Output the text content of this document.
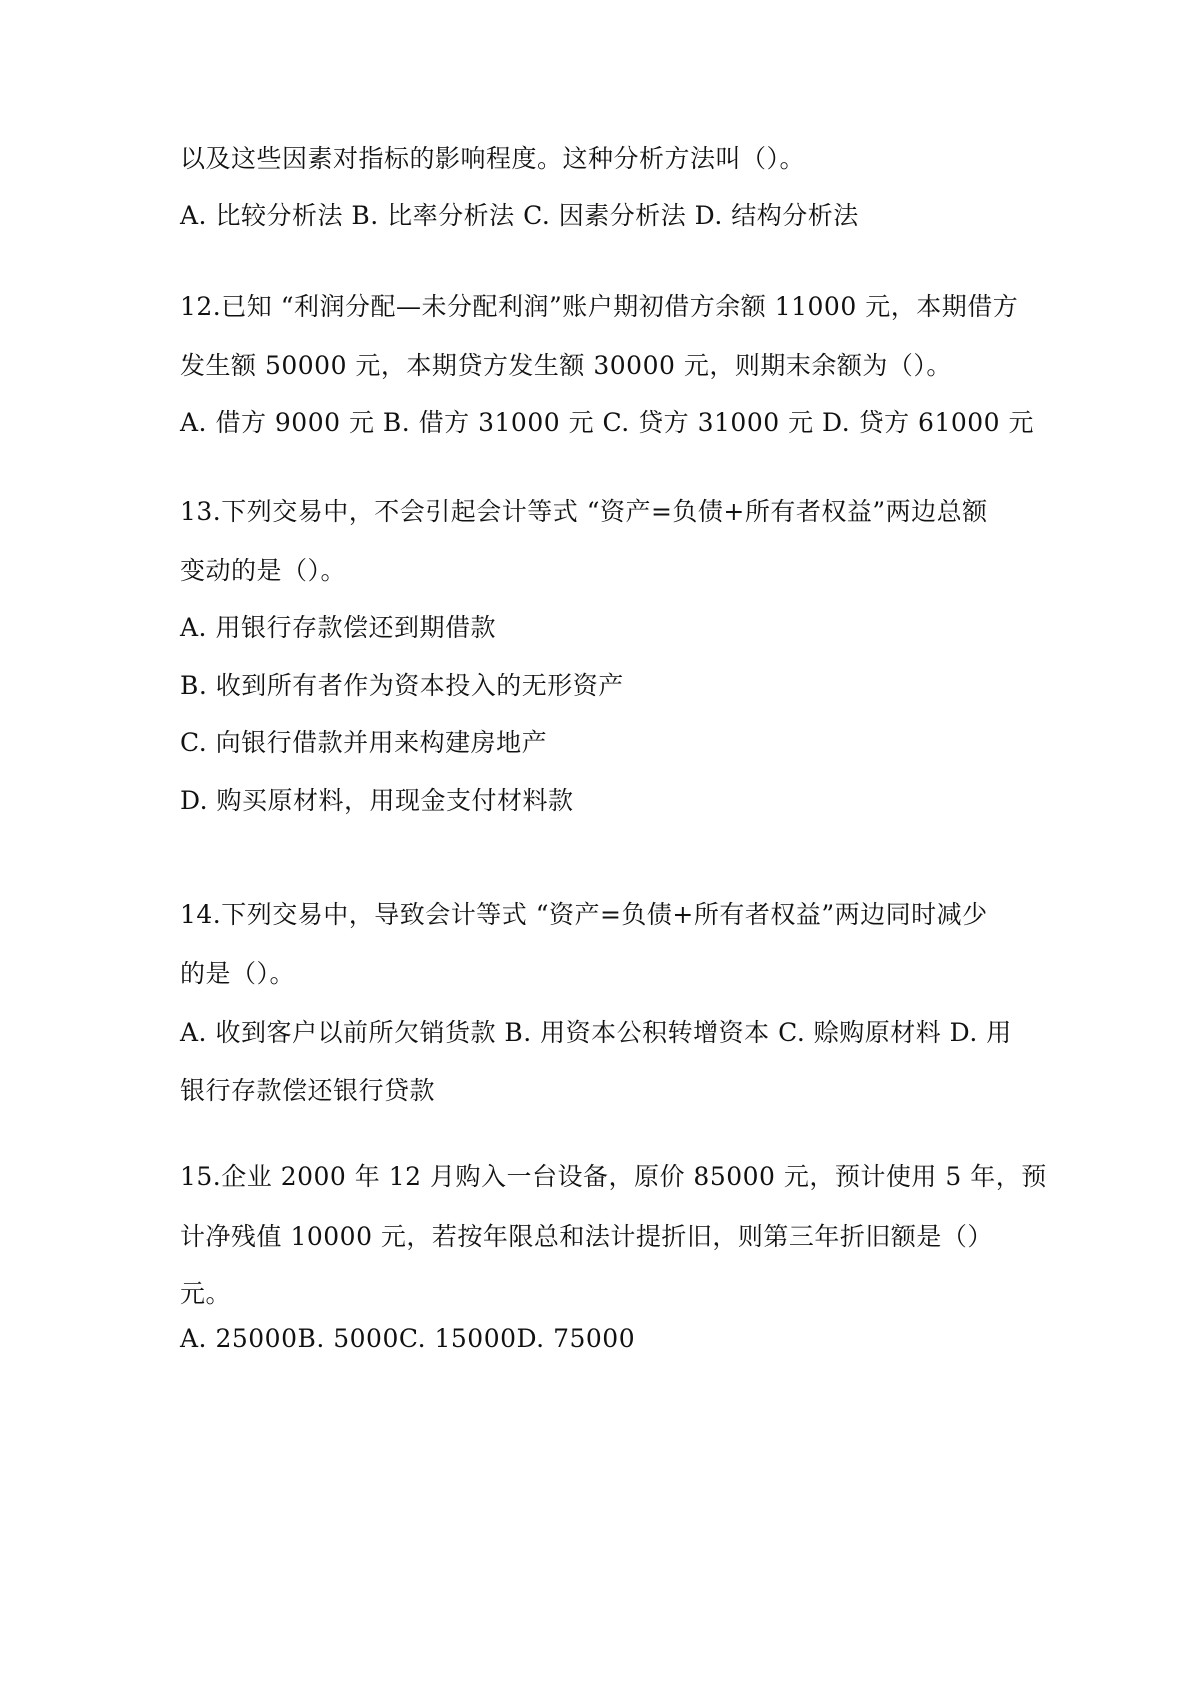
以及这些因素对指标的影响程度。这种分析方法叫（）。

A. 比较分析法 B. 比率分析法 C. 因素分析法 D. 结构分析法

12.已知 “利润分配—未分配利润”账户期初借方余额 11000 元，本期借方

发生额 50000 元，本期贷方发生额 30000 元，则期末余额为（）。

A. 借方 9000 元 B. 借方 31000 元 C. 贷方 31000 元 D. 贷方 61000 元

13.下列交易中，不会引起会计等式 “资产=负债+所有者权益”两边总额

变动的是（）。

A. 用银行存款偿还到期借款

B. 收到所有者作为资本投入的无形资产

C. 向银行借款并用来构建房地产

D. 购买原材料，用现金支付材料款

14.下列交易中，导致会计等式 “资产=负债+所有者权益”两边同时减少

的是（）。

A. 收到客户以前所欠销货款 B. 用资本公积转增资本 C. 赊购原材料 D. 用

银行存款偿还银行贷款

15.企业 2000 年 12 月购入一台设备，原价 85000 元，预计使用 5 年，预

计净残值 10000 元，若按年限总和法计提折旧，则第三年折旧额是（）

元。

A. 25000B. 5000C. 15000D. 75000
